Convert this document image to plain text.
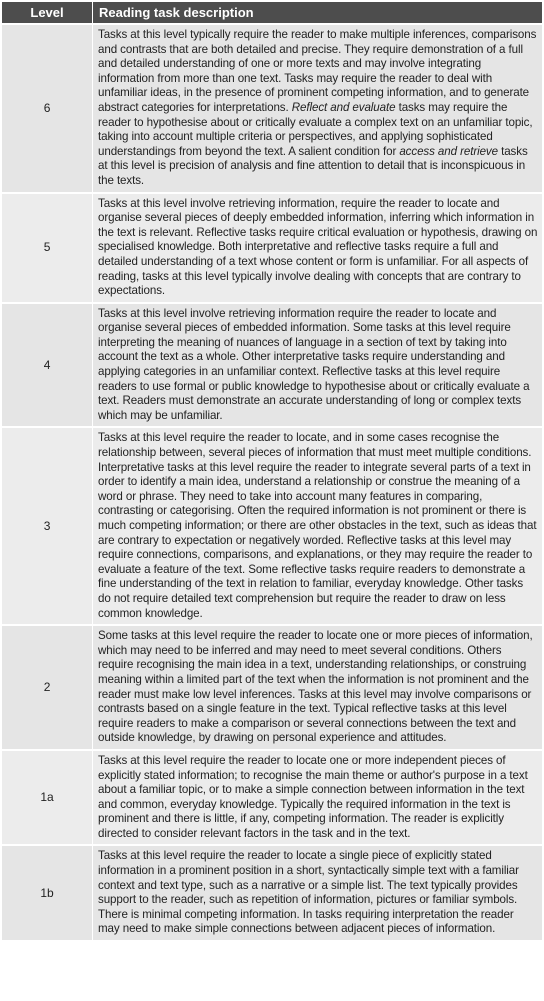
Level	Reading task description
6	Tasks at this level typically require the reader to make multiple inferences, comparisons and contrasts that are both detailed and precise. They require demonstration of a full and detailed understanding of one or more texts and may involve integrating information from more than one text. Tasks may require the reader to deal with unfamiliar ideas, in the presence of prominent competing information, and to generate abstract categories for interpretations. Reflect and evaluate tasks may require the reader to hypothesise about or critically evaluate a complex text on an unfamiliar topic, taking into account multiple criteria or perspectives, and applying sophisticated understandings from beyond the text. A salient condition for access and retrieve tasks at this level is precision of analysis and fine attention to detail that is inconspicuous in the texts.
5	Tasks at this level involve retrieving information, require the reader to locate and organise several pieces of deeply embedded information, inferring which information in the text is relevant. Reflective tasks require critical evaluation or hypothesis, drawing on specialised knowledge. Both interpretative and reflective tasks require a full and detailed understanding of a text whose content or form is unfamiliar. For all aspects of reading, tasks at this level typically involve dealing with concepts that are contrary to expectations.
4	Tasks at this level involve retrieving information require the reader to locate and organise several pieces of embedded information. Some tasks at this level require interpreting the meaning of nuances of language in a section of text by taking into account the text as a whole. Other interpretative tasks require understanding and applying categories in an unfamiliar context. Reflective tasks at this level require readers to use formal or public knowledge to hypothesise about or critically evaluate a text. Readers must demonstrate an accurate understanding of long or complex texts which may be unfamiliar.
3	Tasks at this level require the reader to locate, and in some cases recognise the relationship between, several pieces of information that must meet multiple conditions. Interpretative tasks at this level require the reader to integrate several parts of a text in order to identify a main idea, understand a relationship or construe the meaning of a word or phrase. They need to take into account many features in comparing, contrasting or categorising. Often the required information is not prominent or there is much competing information; or there are other obstacles in the text, such as ideas that are contrary to expectation or negatively worded. Reflective tasks at this level may require connections, comparisons, and explanations, or they may require the reader to evaluate a feature of the text. Some reflective tasks require readers to demonstrate a fine understanding of the text in relation to familiar, everyday knowledge. Other tasks do not require detailed text comprehension but require the reader to draw on less common knowledge.
2	Some tasks at this level require the reader to locate one or more pieces of information, which may need to be inferred and may need to meet several conditions. Others require recognising the main idea in a text, understanding relationships, or construing meaning within a limited part of the text when the information is not prominent and the reader must make low level inferences. Tasks at this level may involve comparisons or contrasts based on a single feature in the text. Typical reflective tasks at this level require readers to make a comparison or several connections between the text and outside knowledge, by drawing on personal experience and attitudes.
1a	Tasks at this level require the reader to locate one or more independent pieces of explicitly stated information; to recognise the main theme or author's purpose in a text about a familiar topic, or to make a simple connection between information in the text and common, everyday knowledge. Typically the required information in the text is prominent and there is little, if any, competing information. The reader is explicitly directed to consider relevant factors in the task and in the text.
1b	Tasks at this level require the reader to locate a single piece of explicitly stated information in a prominent position in a short, syntactically simple text with a familiar context and text type, such as a narrative or a simple list. The text typically provides support to the reader, such as repetition of information, pictures or familiar symbols. There is minimal competing information. In tasks requiring interpretation the reader may need to make simple connections between adjacent pieces of information.
